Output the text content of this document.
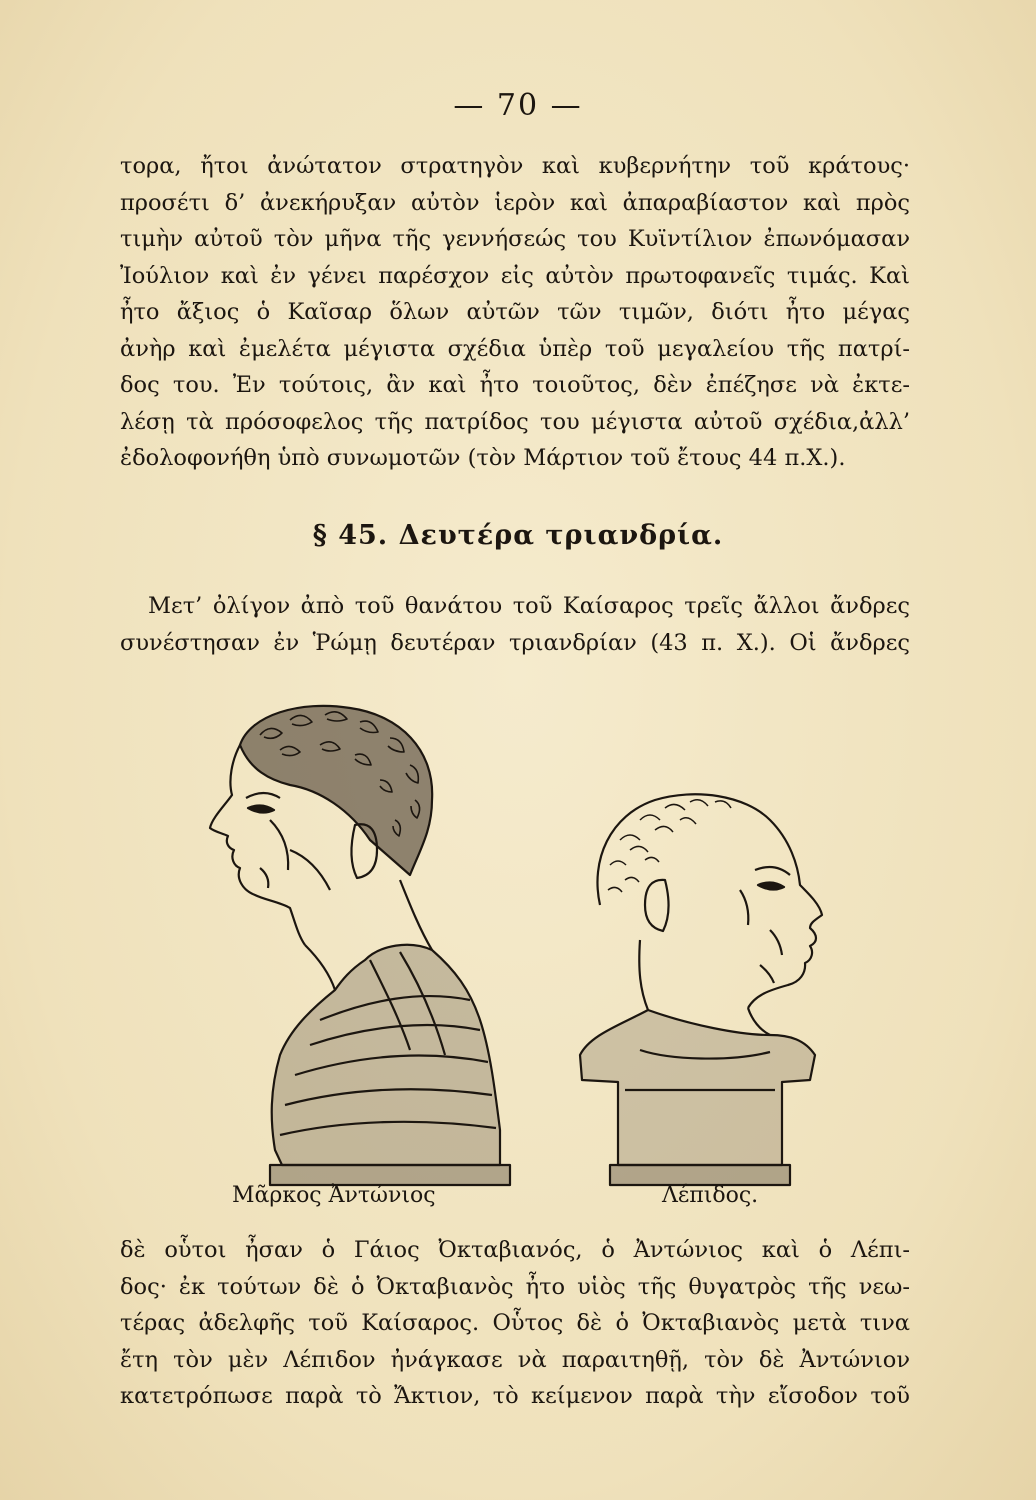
— 70 —
τορα, ἤτοι ἀνώτατον στρατηγὸν καὶ κυβερνήτην τοῦ κράτους·
προσέτι δ’ ἀνεκήρυξαν αὐτὸν ἱερὸν καὶ ἀπαραβίαστον καὶ πρὸς
τιμὴν αὐτοῦ τὸν μῆνα τῆς γεννήσεώς του Κυϊντίλιον ἐπωνόμασαν
Ἰούλιον καὶ ἐν γένει παρέσχον εἰς αὐτὸν πρωτοφανεῖς τιμάς. Καὶ
ἦτο ἄξιος ὁ Καῖσαρ ὅλων αὐτῶν τῶν τιμῶν, διότι ἦτο μέγας
ἀνὴρ καὶ ἐμελέτα μέγιστα σχέδια ὑπὲρ τοῦ μεγαλείου τῆς πατρί-
δος του. Ἐν τούτοις, ἂν καὶ ἦτο τοιοῦτος, δὲν ἐπέζησε νὰ ἐκτε-
λέσῃ τὰ πρόσοφελος τῆς πατρίδος του μέγιστα αὐτοῦ σχέδια,ἀλλ’
ἐδολοφονήθη ὑπὸ συνωμοτῶν (τὸν Μάρτιον τοῦ ἔτους 44 π.Χ.).
§ 45. Δευτέρα τριανδρία.
Μετ’ ὀλίγον ἀπὸ τοῦ θανάτου τοῦ Καίσαρος τρεῖς ἄλλοι ἄνδρες
συνέστησαν ἐν Ῥώμῃ δευτέραν τριανδρίαν (43 π. Χ.). Οἱ ἄνδρες
Μᾶρκος Ἀντώνιος	Λέπιδος.
δὲ οὗτοι ἦσαν ὁ Γάιος Ὀκταβιανός, ὁ Ἀντώνιος καὶ ὁ Λέπι-
δος· ἐκ τούτων δὲ ὁ Ὀκταβιανὸς ἦτο υἱὸς τῆς θυγατρὸς τῆς νεω-
τέρας ἀδελφῆς τοῦ Καίσαρος. Οὗτος δὲ ὁ Ὀκταβιανὸς μετὰ τινα
ἔτη τὸν μὲν Λέπιδον ἠνάγκασε νὰ παραιτηθῇ, τὸν δὲ Ἀντώνιον
κατετρόπωσε παρὰ τὸ Ἄκτιον, τὸ κείμενον παρὰ τὴν εἴσοδον τοῦ
